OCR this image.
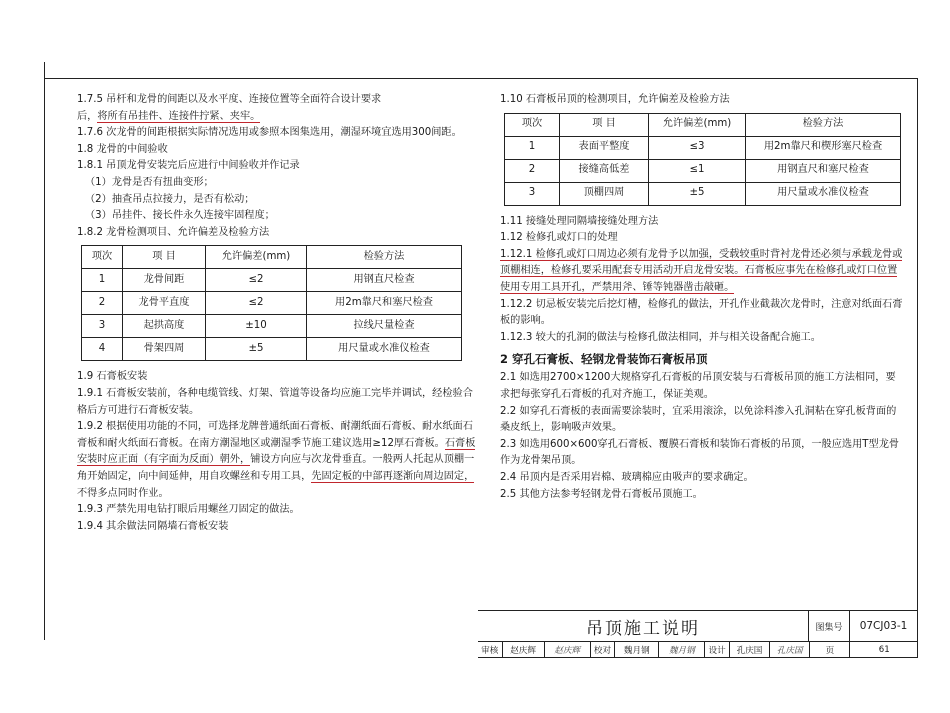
1.7.5 吊杆和龙骨的间距以及水平度、连接位置等全面符合设计要求
后，将所有吊挂件、连接件拧紧、夹牢。

1.7.6 次龙骨的间距根据实际情况选用或参照本图集选用，潮湿环境宜选用300间距。

1.8 龙骨的中间验收

1.8.1 吊顶龙骨安装完后应进行中间验收并作记录

（1）龙骨是否有扭曲变形；

（2）抽查吊点拉接力，是否有松动；

（3）吊挂件、接长件永久连接牢固程度；

1.8.2 龙骨检测项目、允许偏差及检验方法

项次	项 目	允许偏差(mm)	检验方法
1	龙骨间距	≤2	用钢直尺检查
2	龙骨平直度	≤2	用2m靠尺和塞尺检查
3	起拱高度	±10	拉线尺量检查
4	骨架四周	±5	用尺量或水准仪检查

1.9 石膏板安装

1.9.1 石膏板安装前，各种电缆管线、灯架、管道等设备均应施工完毕并调试，经检验合格后方可进行石膏板安装。

1.9.2 根据使用功能的不同，可选择龙牌普通纸面石膏板、耐潮纸面石膏板、耐水纸面石膏板和耐火纸面石膏板。在南方潮湿地区或潮湿季节施工建议选用≥12厚石膏板。石膏板安装时应正面（有字面为反面）朝外，铺设方向应与次龙骨垂直。一般两人托起从顶棚一角开始固定，向中间延伸，用自攻螺丝和专用工具，先固定板的中部再逐渐向周边固定，不得多点同时作业。

1.9.3 严禁先用电钻打眼后用螺丝刀固定的做法。

1.9.4 其余做法同隔墙石膏板安装

1.10 石膏板吊顶的检测项目，允许偏差及检验方法

项次	项 目	允许偏差(mm)	检验方法
1	表面平整度	≤3	用2m靠尺和楔形塞尺检查
2	接缝高低差	≤1	用钢直尺和塞尺检查
3	顶棚四周	±5	用尺量或水准仪检查

1.11 接缝处理同隔墙接缝处理方法

1.12 检修孔或灯口的处理

1.12.1 检修孔或灯口周边必须有龙骨予以加强，受载较重时背衬龙骨还必须与承载龙骨或顶棚相连，检修孔要采用配套专用活动开启龙骨安装。石膏板应事先在检修孔或灯口位置使用专用工具开孔，严禁用斧、锤等钝器凿击敲砸。

1.12.2 切忌板安装完后挖灯槽，检修孔的做法，开孔作业截裁次龙骨时，注意对纸面石膏板的影响。

1.12.3 较大的孔洞的做法与检修孔做法相同，并与相关设备配合施工。

2 穿孔石膏板、轻钢龙骨装饰石膏板吊顶

2.1 如选用2700×1200大规格穿孔石膏板的吊顶安装与石膏板吊顶的施工方法相同，要求把每张穿孔石膏板的孔对齐施工，保证美观。

2.2 如穿孔石膏板的表面需要涂装时，宜采用滚涂，以免涂料渗入孔洞粘在穿孔板背面的桑皮纸上，影响吸声效果。

2.3 如选用600×600穿孔石膏板、覆膜石膏板和装饰石膏板的吊顶，一般应选用T型龙骨作为龙骨架吊顶。

2.4 吊顶内是否采用岩棉、玻璃棉应由吸声的要求确定。

2.5 其他方法参考轻钢龙骨石膏板吊顶施工。

吊顶施工说明	图集号	07CJ03-1
审核	赵庆辉	赵庆辉	校对	魏月钢	魏月钢	设计	孔庆国	孔庆国	页	61
